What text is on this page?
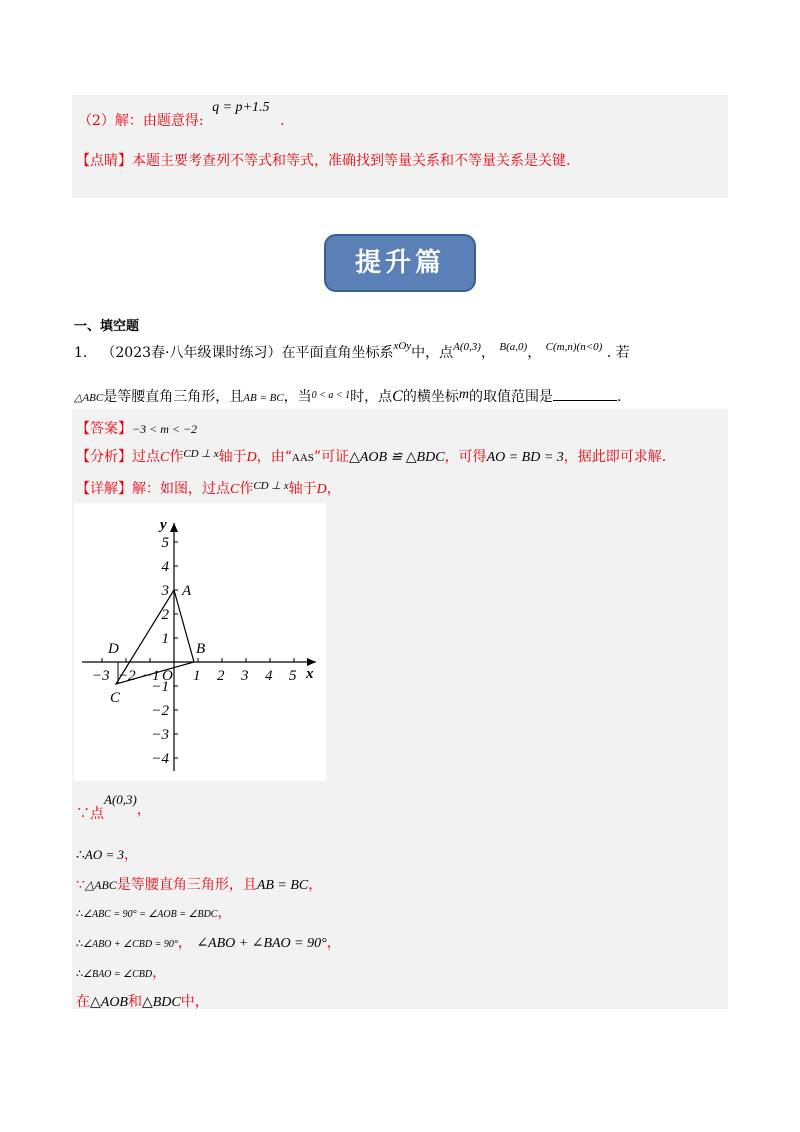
（2）解：由题意得: q = p+1.5 .
【点睛】本题主要考查列不等式和等式，准确找到等量关系和不等量关系是关键.
提升篇
一、填空题
1． （2023春·八年级课时练习）在平面直角坐标系$^{xOy}$中，点$^{A(0,3)}$， $^{B(a,0)}$， $^{C(m,n)(n<0)}$ . 若
△ABC是等腰直角三角形，且AB = BC，当$^{0 < a < 1}$时，点C的横坐标m的取值范围是	.
【答案】−3 < m < −2
【分析】过点C作$^{CD \perp x}$轴于D，由“AAS”可证△AOB ≌ △BDC，可得AO = BD = 3，据此即可求解.
【详解】解：如图，过点C作$^{CD \perp x}$轴于D，
−3 −2 −1 O 1 2 3 4 5
5
4
3
2
1
−1
−2
−3
−4
x
y
A
B
C
D
∵点A(0,3)，
∴AO = 3，
∵△ABC是等腰直角三角形，且AB = BC，
∴∠ABC = 90° = ∠AOB = ∠BDC，
∴∠ABO + ∠CBD = 90°， ∠ABO + ∠BAO = 90°，
∴∠BAO = ∠CBD，
在△AOB和△BDC中，
